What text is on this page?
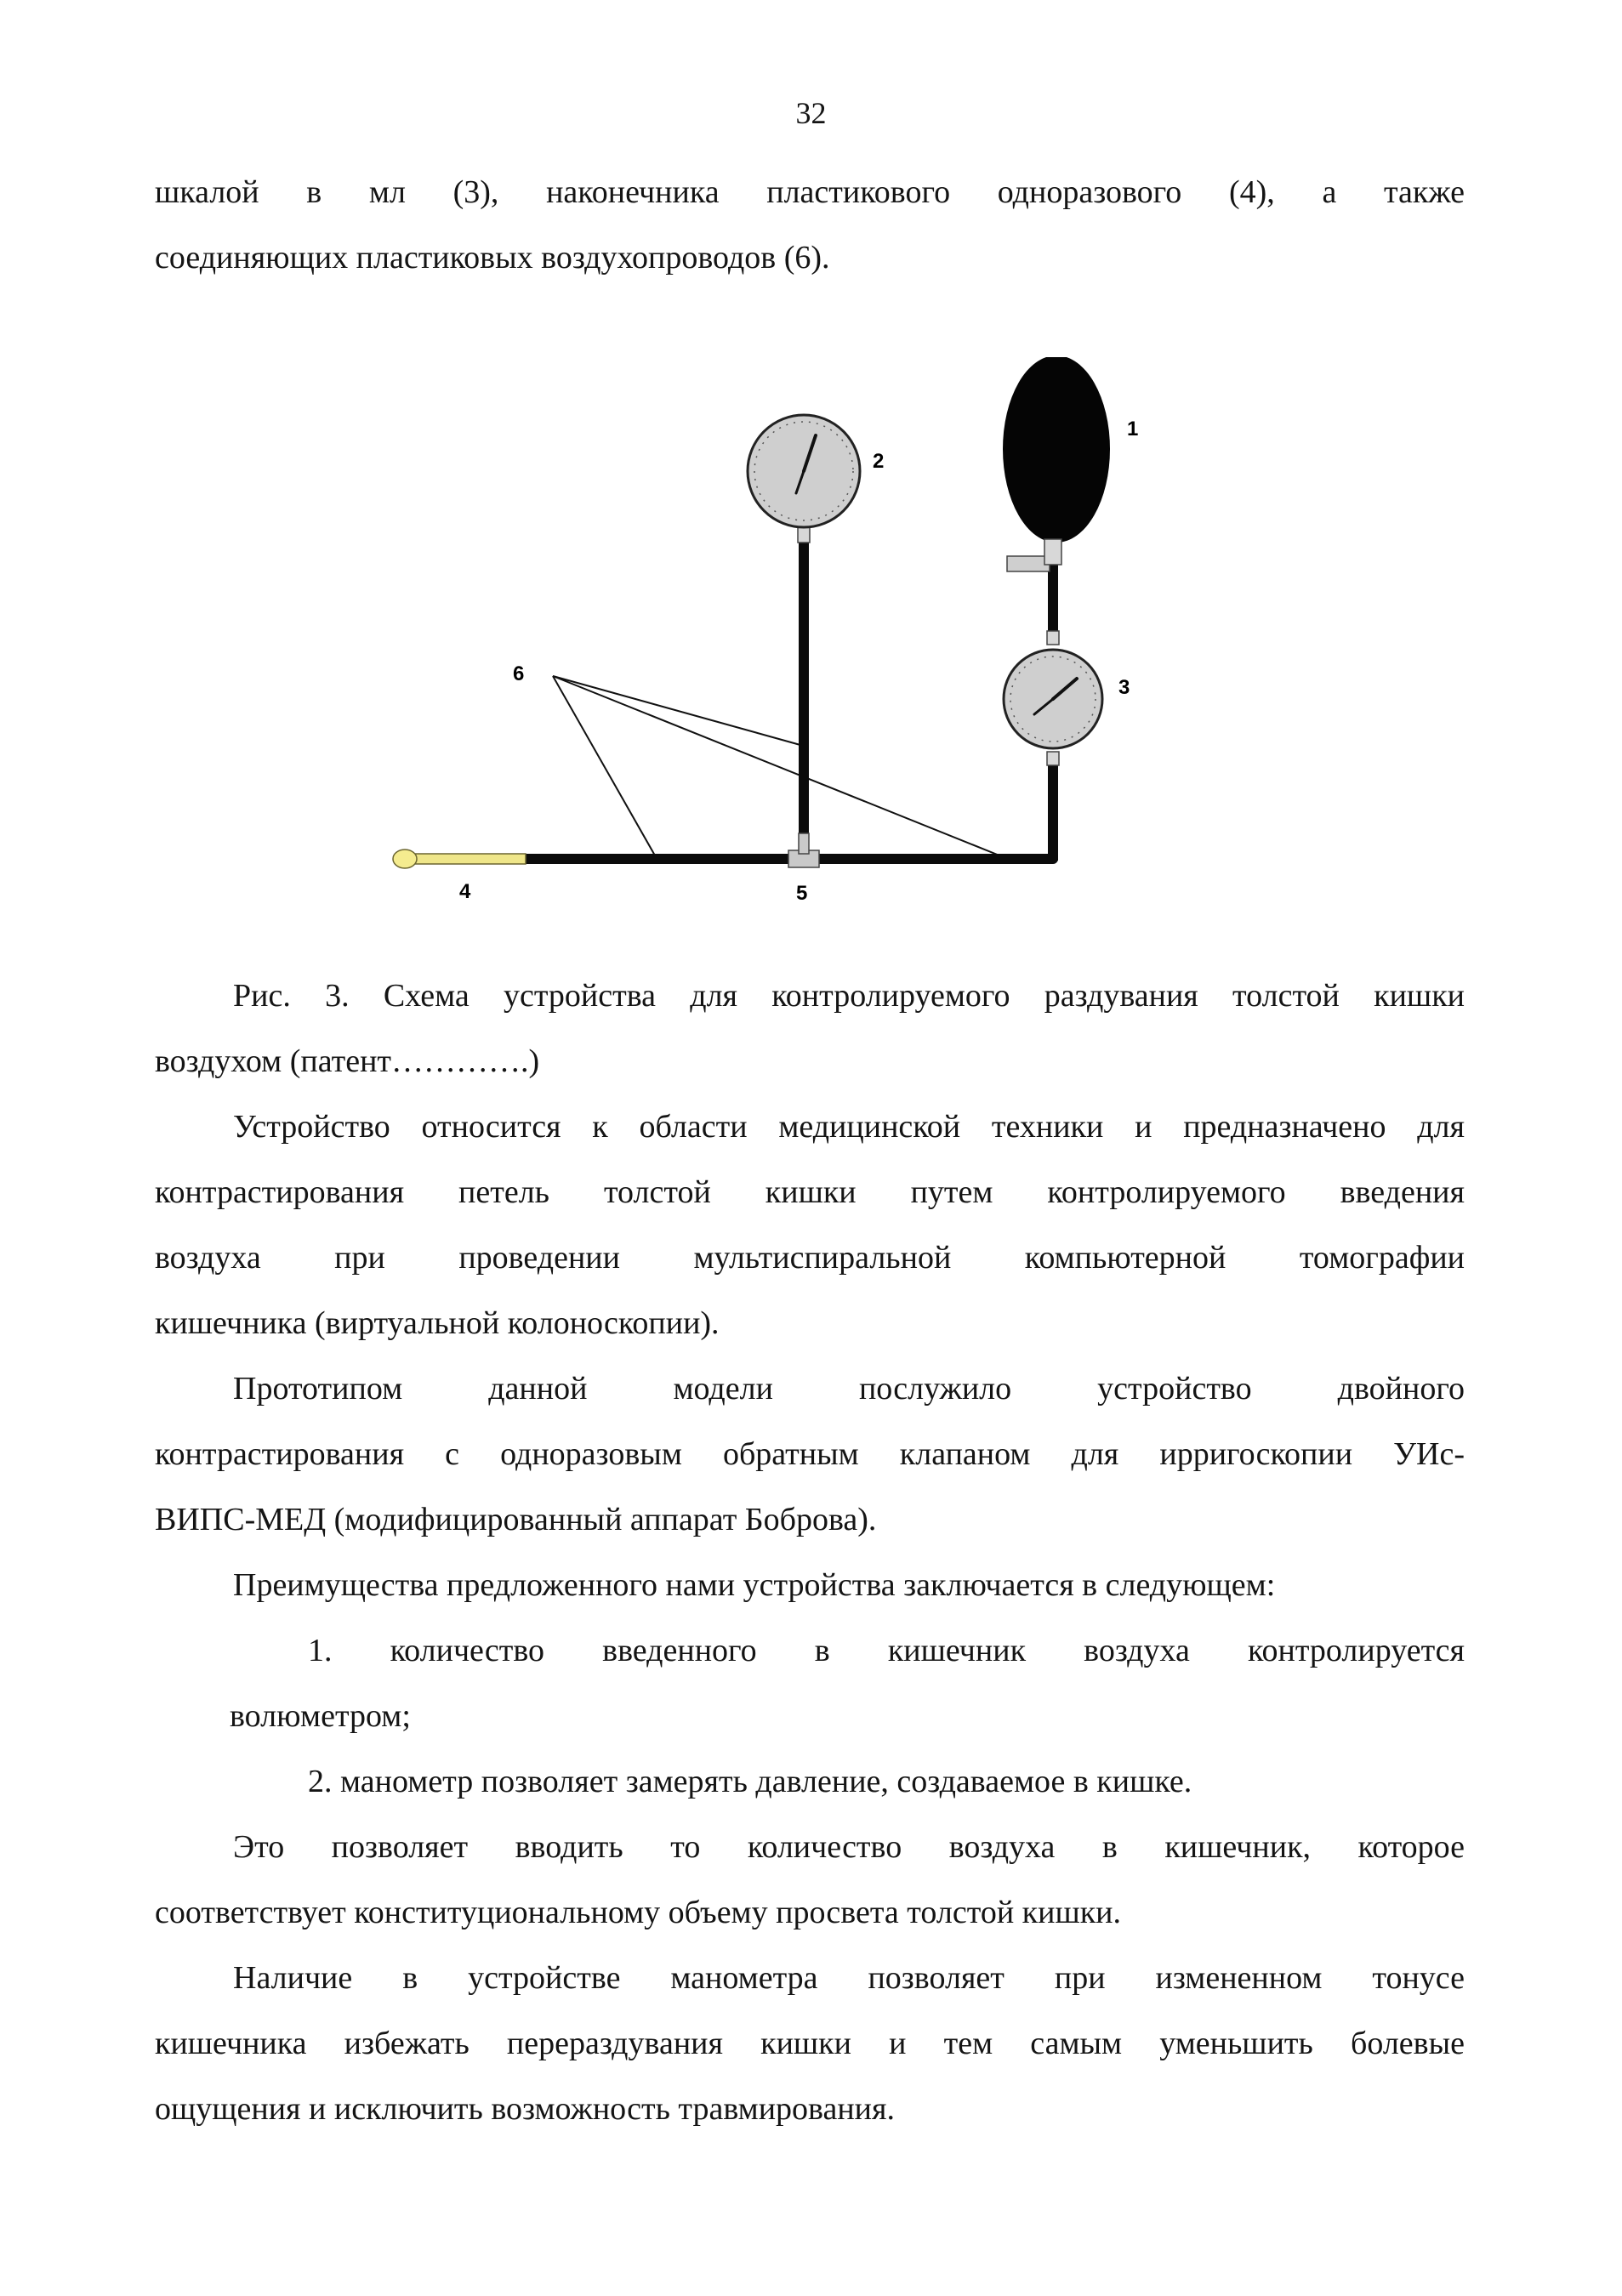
32

шкалой в мл (3), наконечника пластикового одноразового (4), а также

соединяющих пластиковых воздухопроводов (6).

1
2
3
4	5
6

Рис. 3. Схема устройства для контролируемого раздувания толстой кишки

воздухом (патент………….)

Устройство относится к области медицинской техники и предназначено для

контрастирования петель толстой кишки путем контролируемого введения

воздуха при проведении мультиспиральной компьютерной томографии

кишечника (виртуальной колоноскопии).

Прототипом данной модели послужило устройство двойного

контрастирования с одноразовым обратным клапаном для ирригоскопии УИс-

ВИПС-МЕД (модифицированный аппарат Боброва).

Преимущества предложенного нами устройства заключается в следующем:

1. количество введенного в кишечник воздуха контролируется

волюметром;

2. манометр позволяет замерять давление, создаваемое в кишке.

Это позволяет вводить то количество воздуха в кишечник, которое

соответствует конституциональному объему просвета толстой кишки.

Наличие в устройстве манометра позволяет при измененном тонусе

кишечника избежать перераздувания кишки и тем самым уменьшить болевые

ощущения и исключить возможность травмирования.
